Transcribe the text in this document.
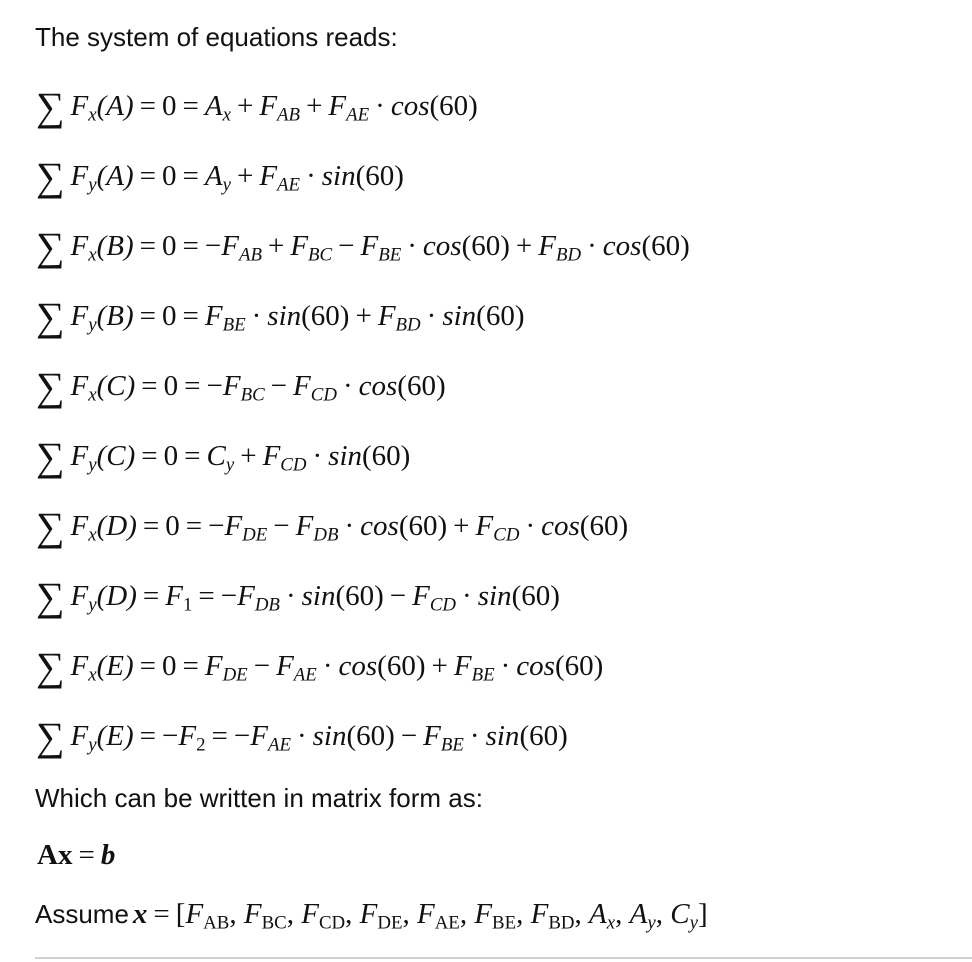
The system of equations reads:
∑ $F_x(A) = 0 = A_x + F_{AB} + F_{AE} \cdot \cos(60)$
∑ $F_y(A) = 0 = A_y + F_{AE} \cdot \sin(60)$
∑ $F_x(B) = 0 = -F_{AB} + F_{BC} - F_{BE} \cdot \cos(60) + F_{BD} \cdot \cos(60)$
∑ $F_y(B) = 0 = F_{BE} \cdot \sin(60) + F_{BD} \cdot \sin(60)$
∑ $F_x(C) = 0 = -F_{BC} - F_{CD} \cdot \cos(60)$
∑ $F_y(C) = 0 = C_y + F_{CD} \cdot \sin(60)$
∑ $F_x(D) = 0 = -F_{DE} - F_{DB} \cdot \cos(60) + F_{CD} \cdot \cos(60)$
∑ $F_y(D) = F1 = -F_{DB} \cdot \sin(60) - F_{CD} \cdot \sin(60)$
∑ $F_x(E) = 0 = F_{DE} - F_{AE} \cdot \cos(60) + F_{BE} \cdot \cos(60)$
∑ $F_y(E) = -F2 = -F_{AE} \cdot \sin(60) - F_{BE} \cdot \sin(60)$
Which can be written in matrix form as:
Ax = b
Assume x = [FAB, FBC, FCD, FDE, FAE, FBE, FBD, $A_x$, $A_y$, $C_y$]
